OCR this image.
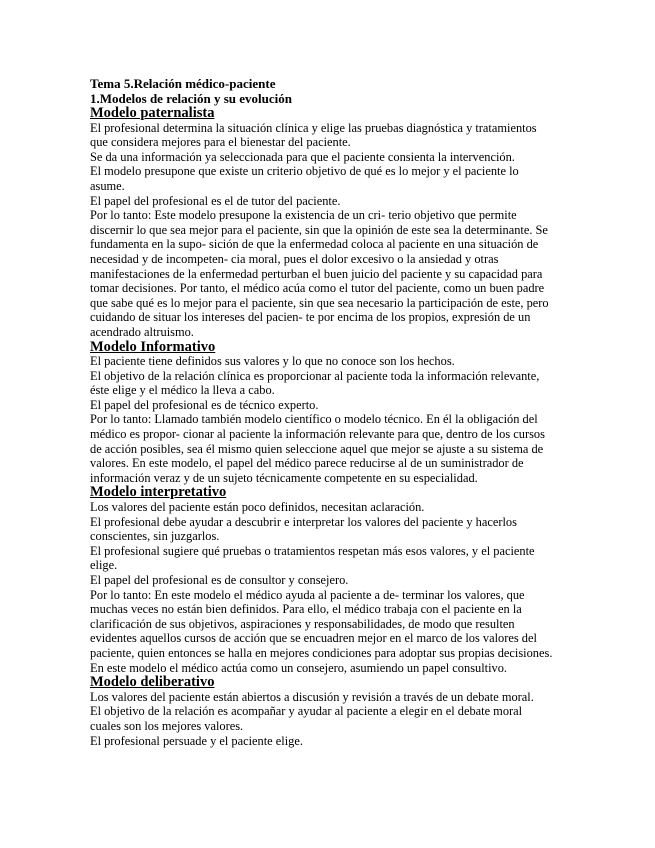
Tema 5.Relación médico-paciente
1.Modelos de relación y su evolución
Modelo paternalista

El profesional determina la situación clínica y elige las pruebas diagnóstica y tratamientos que considera mejores para el bienestar del paciente.

Se da una información ya seleccionada para que el paciente consienta la intervención.

El modelo presupone que existe un criterio objetivo de qué es lo mejor y el paciente lo asume.

El papel del profesional es el de tutor del paciente.

Por lo tanto: Este modelo presupone la existencia de un cri- terio objetivo que permite discernir lo que sea mejor para el paciente, sin que la opinión de este sea la determinante. Se fundamenta en la supo- sición de que la enfermedad coloca al paciente en una situación de necesidad y de incompeten- cia moral, pues el dolor excesivo o la ansiedad y otras manifestaciones de la enfermedad perturban el buen juicio del paciente y su capacidad para tomar decisiones. Por tanto, el médico acúa como el tutor del paciente, como un buen padre que sabe qué es lo mejor para el paciente, sin que sea necesario la participación de este, pero cuidando de situar los intereses del pacien- te por encima de los propios, expresión de un acendrado altruismo.

Modelo Informativo

El paciente tiene definidos sus valores y lo que no conoce son los hechos.

El objetivo de la relación clínica es proporcionar al paciente toda la información relevante, éste elige y el médico la lleva a cabo.

El papel del profesional es de técnico experto.

Por lo tanto: Llamado también modelo científico o modelo técnico. En él la obligación del médico es propor- cionar al paciente la información relevante para que, dentro de los cursos de acción posibles, sea él mismo quien seleccione aquel que mejor se ajuste a su sistema de valores. En este modelo, el papel del médico parece reducirse al de un suministrador de información veraz y de un sujeto técnicamente competente en su especialidad.

Modelo interpretativo

Los valores del paciente están poco definidos, necesitan aclaración.

El profesional debe ayudar a descubrir e interpretar los valores del paciente y hacerlos conscientes, sin juzgarlos.

El profesional sugiere qué pruebas o tratamientos respetan más esos valores, y el paciente elige.

El papel del profesional es de consultor y consejero.

Por lo tanto: En este modelo el médico ayuda al paciente a de- terminar los valores, que muchas veces no están bien definidos. Para ello, el médico trabaja con el paciente en la clarificación de sus objetivos, aspiraciones y responsabilidades, de modo que resulten evidentes aquellos cursos de acción que se encuadren mejor en el marco de los valores del paciente, quien entonces se halla en mejores condiciones para adoptar sus propias decisiones. En este modelo el médico actúa como un consejero, asumiendo un papel consultivo.

Modelo deliberativo

Los valores del paciente están abiertos a discusión y revisión a través de un debate moral.

El objetivo de la relación es acompañar y ayudar al paciente a elegir en el debate moral cuales son los mejores valores.

El profesional persuade y el paciente elige.
